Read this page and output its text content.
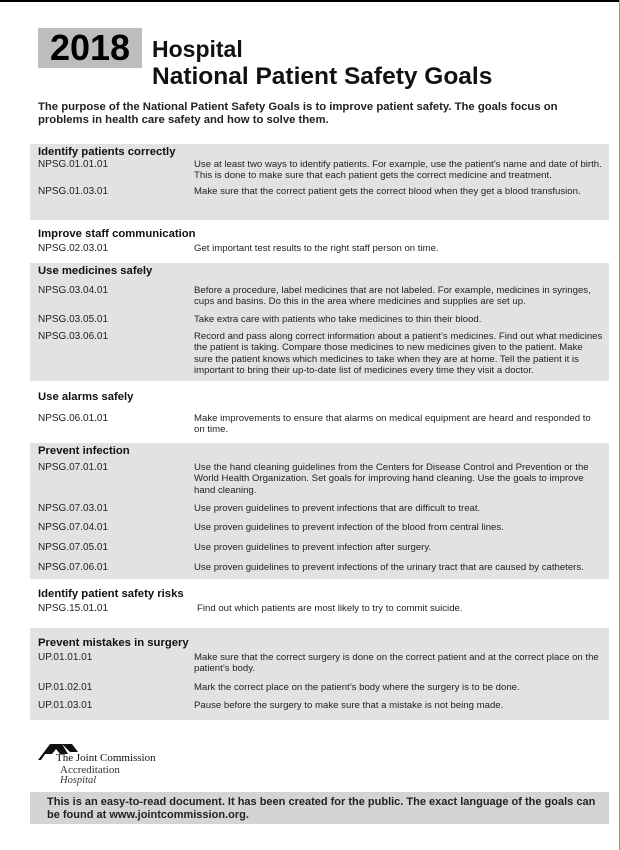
2018 Hospital
National Patient Safety Goals
The purpose of the National Patient Safety Goals is to improve patient safety. The goals focus on problems in health care safety and how to solve them.
Identify patients correctly
NPSG.01.01.01	Use at least two ways to identify patients. For example, use the patient’s name and date of birth. This is done to make sure that each patient gets the correct medicine and treatment.
NPSG.01.03.01	Make sure that the correct patient gets the correct blood when they get a blood transfusion.
Improve staff communication
NPSG.02.03.01	Get important test results to the right staff person on time.
Use medicines safely
NPSG.03.04.01	Before a procedure, label medicines that are not labeled. For example, medicines in syringes, cups and basins. Do this in the area where medicines and supplies are set up.
NPSG.03.05.01	Take extra care with patients who take medicines to thin their blood.
NPSG.03.06.01	Record and pass along correct information about a patient’s medicines. Find out what medicines the patient is taking. Compare those medicines to new medicines given to the patient. Make sure the patient knows which medicines to take when they are at home. Tell the patient it is important to bring their up-to-date list of medicines every time they visit a doctor.
Use alarms safely
NPSG.06.01.01	Make improvements to ensure that alarms on medical equipment are heard and responded to on time.
Prevent infection
NPSG.07.01.01	Use the hand cleaning guidelines from the Centers for Disease Control and Prevention or the World Health Organization. Set goals for improving hand cleaning. Use the goals to improve hand cleaning.
NPSG.07.03.01	Use proven guidelines to prevent infections that are difficult to treat.
NPSG.07.04.01	Use proven guidelines to prevent infection of the blood from central lines.
NPSG.07.05.01	Use proven guidelines to prevent infection after surgery.
NPSG.07.06.01	Use proven guidelines to prevent infections of the urinary tract that are caused by catheters.
Identify patient safety risks
NPSG.15.01.01	Find out which patients are most likely to try to commit suicide.
Prevent mistakes in surgery
UP.01.01.01	Make sure that the correct surgery is done on the correct patient and at the correct place on the patient’s body.
UP.01.02.01	Mark the correct place on the patient’s body where the surgery is to be done.
UP.01.03.01	Pause before the surgery to make sure that a mistake is not being made.
The Joint Commission
Accreditation
Hospital

This is an easy-to-read document. It has been created for the public. The exact language of the goals can be found at www.jointcommission.org.
